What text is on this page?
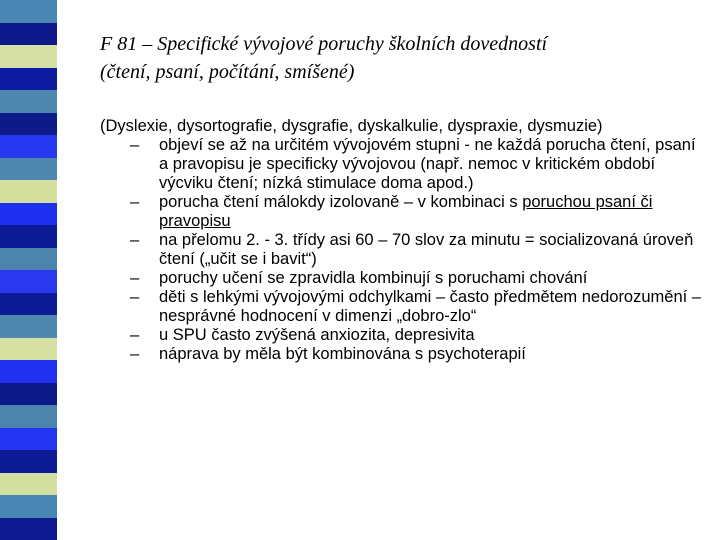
F 81 – Specifické vývojové poruchy školních dovedností
(čtení, psaní, počítání, smíšené)

(Dyslexie, dysortografie, dysgrafie, dyskalkulie, dyspraxie, dysmuzie)

– objeví se až na určitém vývojovém stupni - ne každá porucha čtení, psaní a pravopisu je specificky vývojovou (např. nemoc v kritickém období výcviku čtení; nízká stimulace doma apod.)
– porucha čtení málokdy izolovaně – v kombinaci s poruchou psaní či pravopisu
– na přelomu 2. - 3. třídy asi 60 – 70 slov za minutu = socializovaná úroveň čtení („učit se i bavit“)
– poruchy učení se zpravidla kombinují s poruchami chování
– děti s lehkými vývojovými odchylkami – často předmětem nedorozumění – nesprávné hodnocení v dimenzi „dobro-zlo“
– u SPU často zvýšená anxiozita, depresivita
– náprava by měla být kombinována s psychoterapií
